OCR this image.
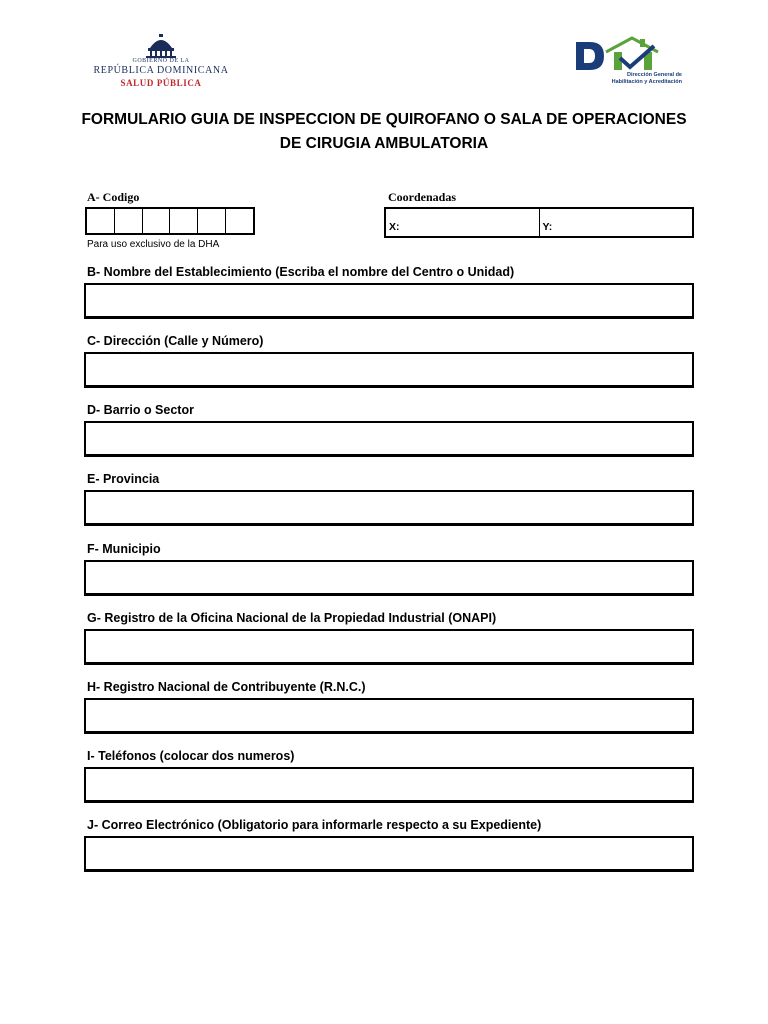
GOBIERNO DE LA
REPÚBLICA DOMINICANA
SALUD PÚBLICA
Dirección General de
Habilitación y Acreditación
FORMULARIO GUIA DE INSPECCION DE QUIROFANO O SALA DE OPERACIONES
DE CIRUGIA AMBULATORIA
A- Codigo
Para uso exclusivo de la DHA
Coordenadas
X:	Y:
B- Nombre del Establecimiento (Escriba el nombre del Centro o Unidad)
C- Dirección (Calle y Número)
D- Barrio o Sector
E- Provincia
F- Municipio
G- Registro de la Oficina Nacional de la Propiedad Industrial (ONAPI)
H- Registro Nacional de Contribuyente (R.N.C.)
I- Teléfonos (colocar dos numeros)
J- Correo Electrónico (Obligatorio para informarle respecto a su Expediente)
